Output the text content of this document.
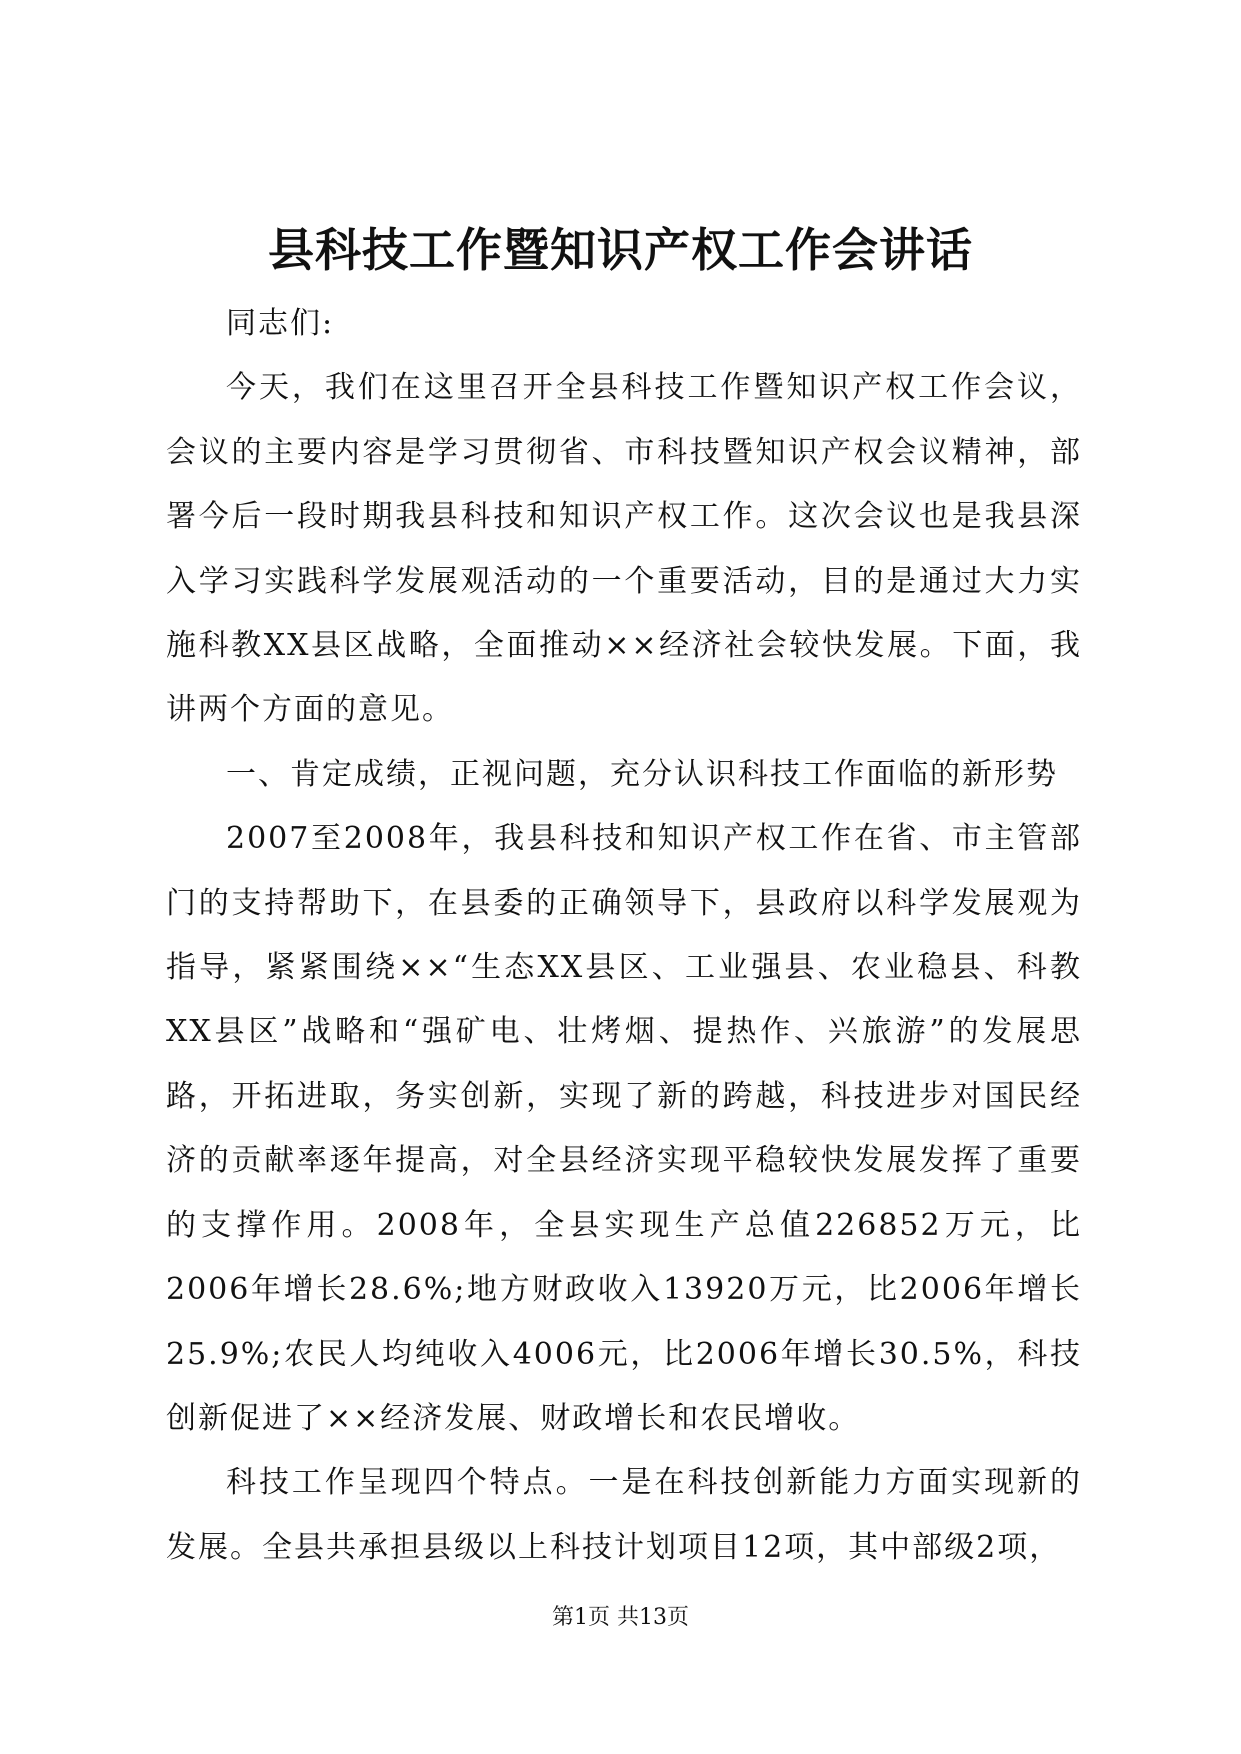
县科技工作暨知识产权工作会讲话

同志们:

今天，我们在这里召开全县科技工作暨知识产权工作会议，会议的主要内容是学习贯彻省、市科技暨知识产权会议精神，部署今后一段时期我县科技和知识产权工作。这次会议也是我县深入学习实践科学发展观活动的一个重要活动，目的是通过大力实施科教XX县区战略，全面推动××经济社会较快发展。下面，我讲两个方面的意见。

一、肯定成绩，正视问题，充分认识科技工作面临的新形势

2007至2008年，我县科技和知识产权工作在省、市主管部门的支持帮助下，在县委的正确领导下，县政府以科学发展观为指导，紧紧围绕××“生态XX县区、工业强县、农业稳县、科教XX县区”战略和“强矿电、壮烤烟、提热作、兴旅游”的发展思路，开拓进取，务实创新，实现了新的跨越，科技进步对国民经济的贡献率逐年提高，对全县经济实现平稳较快发展发挥了重要的支撑作用。2008年，全县实现生产总值226852万元，比2006年增长28.6%;地方财政收入13920万元，比2006年增长25.9%;农民人均纯收入4006元，比2006年增长30.5%，科技创新促进了××经济发展、财政增长和农民增收。

科技工作呈现四个特点。一是在科技创新能力方面实现新的发展。全县共承担县级以上科技计划项目12项，其中部级2项，

第1页 共13页
